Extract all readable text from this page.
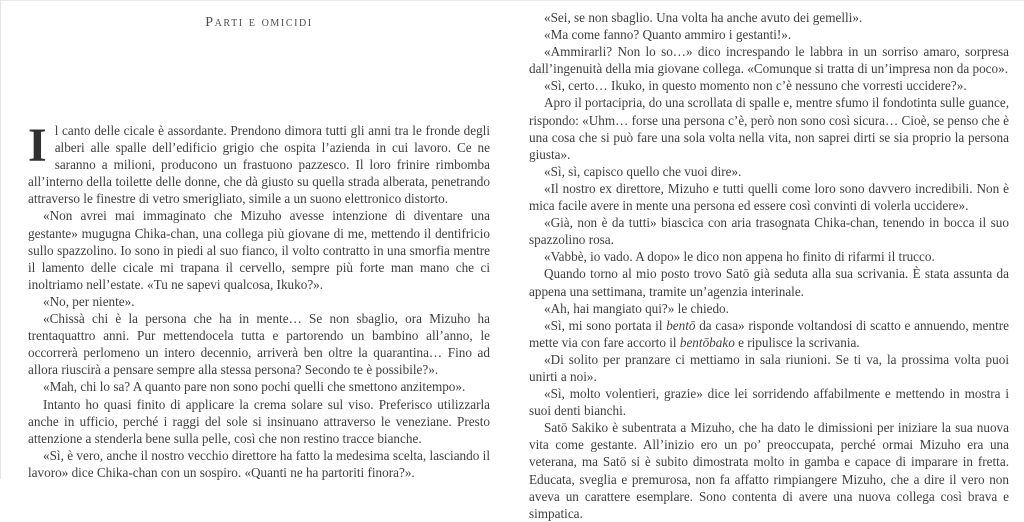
Parti e omicidi

Il canto delle cicale è assordante. Prendono dimora tutti gli anni tra le fronde degli alberi alle spalle dell’edificio grigio che ospita l’azienda in cui lavoro. Ce ne saranno a milioni, producono un frastuono pazzesco. Il loro frinire rimbomba all’interno della toilette delle donne, che dà giusto su quella strada alberata, penetrando attraverso le finestre di vetro smerigliato, simile a un suono elettronico distorto.

«Non avrei mai immaginato che Mizuho avesse intenzione di diventare una gestante» mugugna Chika-chan, una collega più giovane di me, mettendo il dentifricio sullo spazzolino. Io sono in piedi al suo fianco, il volto contratto in una smorfia mentre il lamento delle cicale mi trapana il cervello, sempre più forte man mano che ci inoltriamo nell’estate. «Tu ne sapevi qualcosa, Ikuko?».

«No, per niente».

«Chissà chi è la persona che ha in mente… Se non sbaglio, ora Mizuho ha trentaquattro anni. Pur mettendocela tutta e partorendo un bambino all’anno, le occorrerà perlomeno un intero decennio, arriverà ben oltre la quarantina… Fino ad allora riuscirà a pensare sempre alla stessa persona? Secondo te è possibile?».

«Mah, chi lo sa? A quanto pare non sono pochi quelli che smettono anzitempo».

Intanto ho quasi finito di applicare la crema solare sul viso. Preferisco utilizzarla anche in ufficio, perché i raggi del sole si insinuano attraverso le veneziane. Presto attenzione a stenderla bene sulla pelle, così che non restino tracce bianche.

«Sì, è vero, anche il nostro vecchio direttore ha fatto la medesima scelta, lasciando il lavoro» dice Chika-chan con un sospiro. «Quanti ne ha partoriti finora?».

«Sei, se non sbaglio. Una volta ha anche avuto dei gemelli».

«Ma come fanno? Quanto ammiro i gestanti!».

«Ammirarli? Non lo so…» dico increspando le labbra in un sorriso amaro, sorpresa dall’ingenuità della mia giovane collega. «Comunque si tratta di un’impresa non da poco».

«Sì, certo… Ikuko, in questo momento non c’è nessuno che vorresti uccidere?».

Apro il portacipria, do una scrollata di spalle e, mentre sfumo il fondotinta sulle guance, rispondo: «Uhm… forse una persona c’è, però non sono così sicura… Cioè, se penso che è una cosa che si può fare una sola volta nella vita, non saprei dirti se sia proprio la persona giusta».

«Sì, sì, capisco quello che vuoi dire».

«Il nostro ex direttore, Mizuho e tutti quelli come loro sono davvero incredibili. Non è mica facile avere in mente una persona ed essere così convinti di volerla uccidere».

«Già, non è da tutti» biascica con aria trasognata Chika-chan, tenendo in bocca il suo spazzolino rosa.

«Vabbè, io vado. A dopo» le dico non appena ho finito di rifarmi il trucco.

Quando torno al mio posto trovo Satō già seduta alla sua scrivania. È stata assunta da appena una settimana, tramite un’agenzia interinale.

«Ah, hai mangiato qui?» le chiedo.

«Sì, mi sono portata il bentō da casa» risponde voltandosi di scatto e annuendo, mentre mette via con fare accorto il bentōbako e ripulisce la scrivania.

«Di solito per pranzare ci mettiamo in sala riunioni. Se ti va, la prossima volta puoi unirti a noi».

«Sì, molto volentieri, grazie» dice lei sorridendo affabilmente e mettendo in mostra i suoi denti bianchi.

Satō Sakiko è subentrata a Mizuho, che ha dato le dimissioni per iniziare la sua nuova vita come gestante. All’inizio ero un po’ preoccupata, perché ormai Mizuho era una veterana, ma Satō si è subito dimostrata molto in gamba e capace di imparare in fretta. Educata, sveglia e premurosa, non fa affatto rimpiangere Mizuho, che a dire il vero non aveva un carattere esemplare. Sono contenta di avere una nuova collega così brava e simpatica.
